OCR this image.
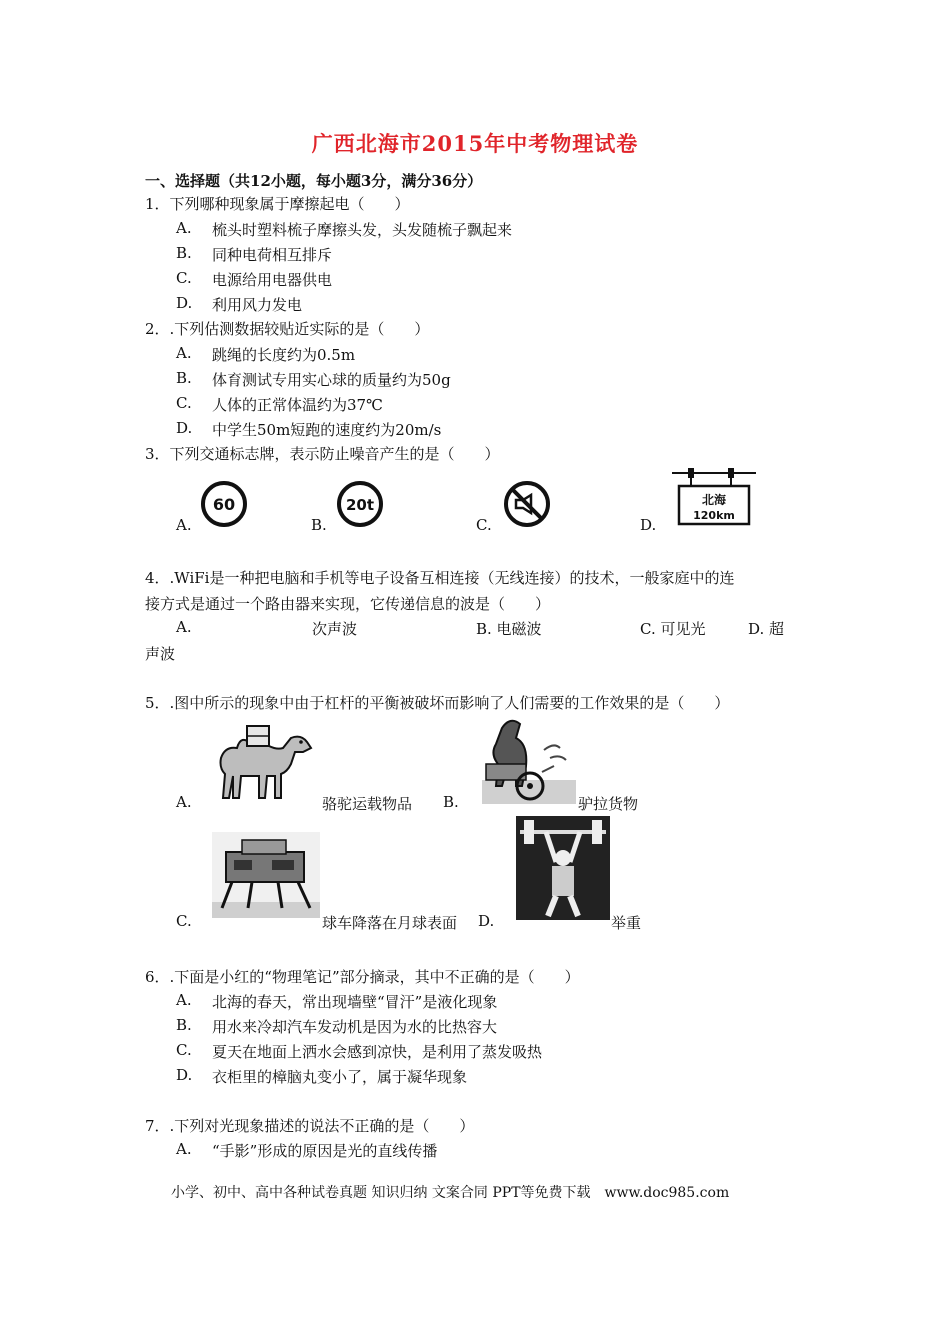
广西北海市2015年中考物理试卷
一、选择题（共12小题，每小题3分，满分36分）
1．下列哪种现象属于摩擦起电（　　）
A. 梳头时塑料梳子摩擦头发，头发随梳子飘起来
B. 同种电荷相互排斥
C. 电源给用电器供电
D. 利用风力发电
2．.下列估测数据较贴近实际的是（　　）
A. 跳绳的长度约为0.5m
B. 体育测试专用实心球的质量约为50g
C. 人体的正常体温约为37℃
D. 中学生50m短跑的速度约为20m/s
3．下列交通标志牌，表示防止噪音产生的是（　　）
60	20t	北海
120km
A.	B.	C.	D.
4．.WiFi是一种把电脑和手机等电子设备互相连接（无线连接）的技术，一般家庭中的连
接方式是通过一个路由器来实现，它传递信息的波是（　　）
A.	次声波	B. 电磁波	C. 可见光	D. 超
声波
5．.图中所示的现象中由于杠杆的平衡被破坏而影响了人们需要的工作效果的是（　　）
A.	骆驼运载物品 B.	驴拉货物
C.	球车降落在月球表面 D.	举重
6．.下面是小红的“物理笔记”部分摘录，其中不正确的是（　　）
A. 北海的春天，常出现墙壁“冒汗”是液化现象
B. 用水来冷却汽车发动机是因为水的比热容大
C. 夏天在地面上洒水会感到凉快，是利用了蒸发吸热
D. 衣柜里的樟脑丸变小了，属于凝华现象
7．.下列对光现象描述的说法不正确的是（　　）
A. “手影”形成的原因是光的直线传播
小学、初中、高中各种试卷真题 知识归纳 文案合同 PPT等免费下载　www.doc985.com
